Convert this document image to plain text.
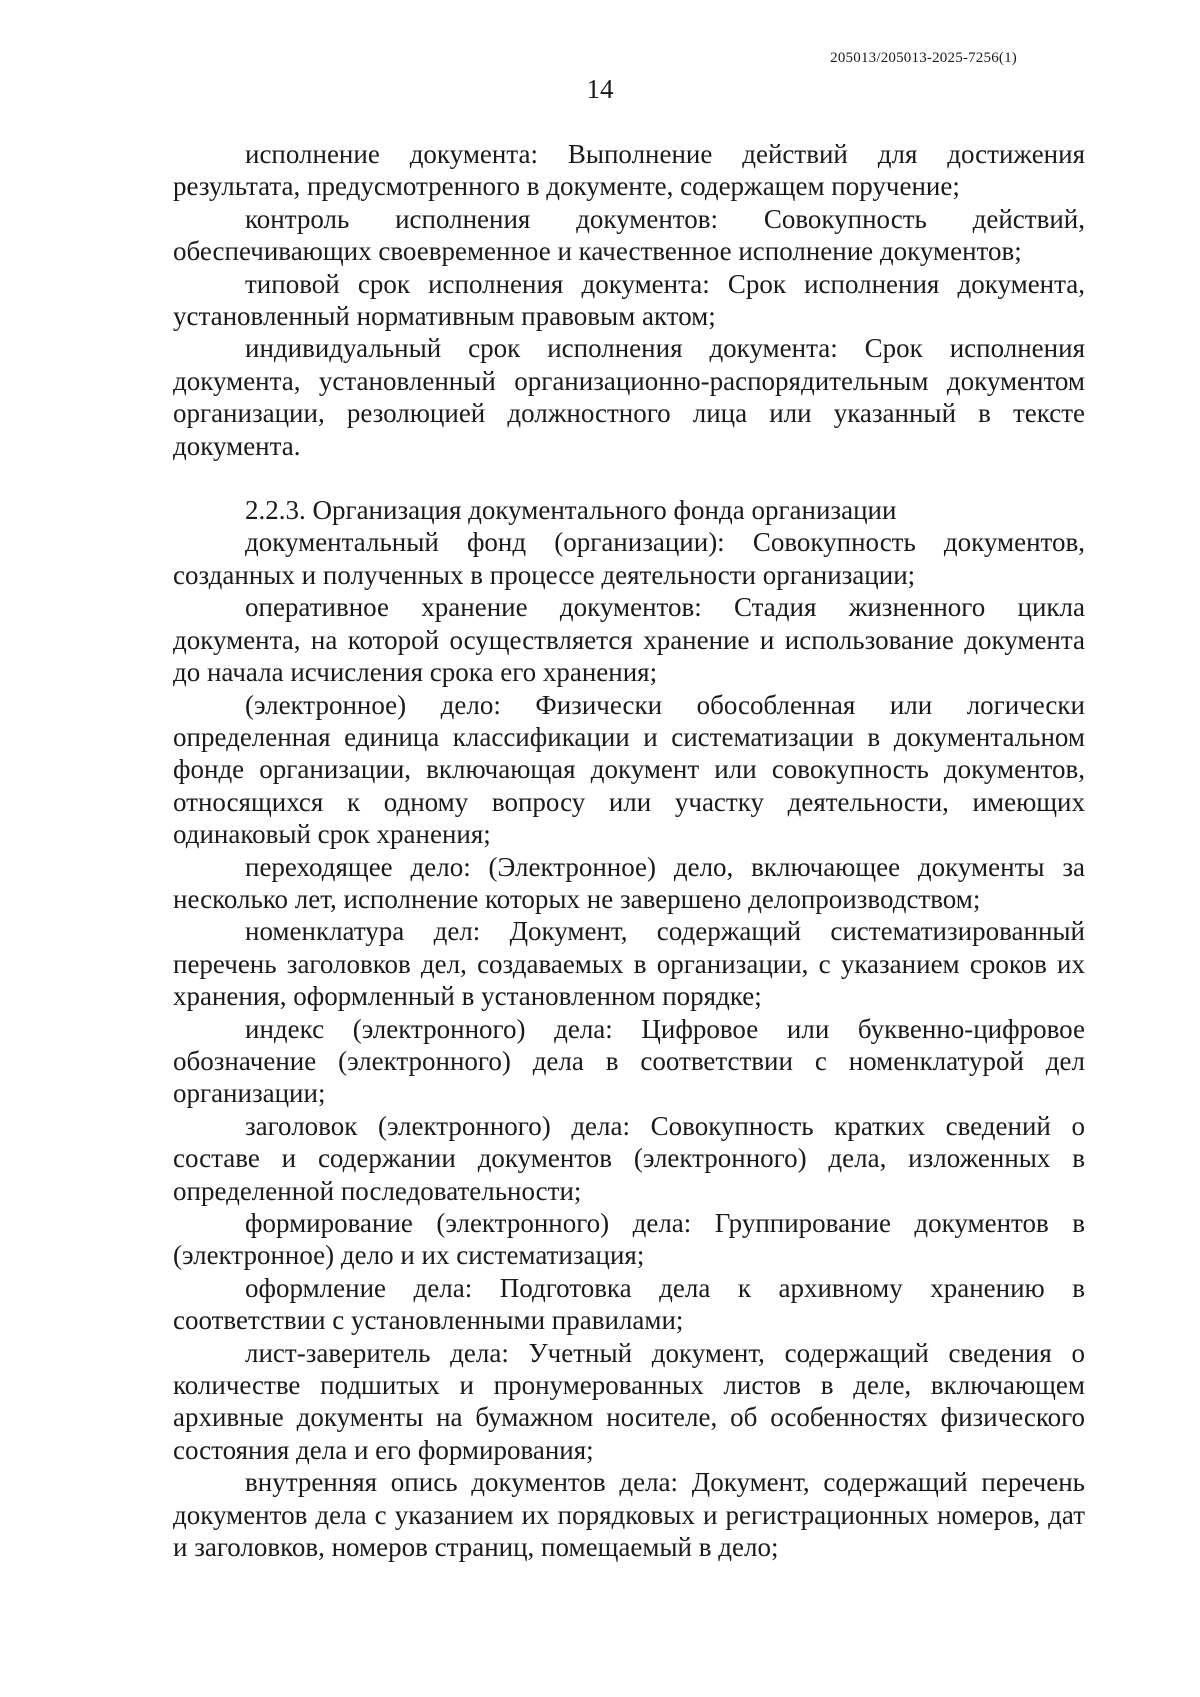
205013/205013-2025-7256(1)
14

исполнение документа: Выполнение действий для достижения результата, предусмотренного в документе, содержащем поручение;

контроль исполнения документов: Совокупность действий, обеспечивающих своевременное и качественное исполнение документов;

типовой срок исполнения документа: Срок исполнения документа, установленный нормативным правовым актом;

индивидуальный срок исполнения документа: Срок исполнения документа, установленный организационно-распорядительным документом организации, резолюцией должностного лица или указанный в тексте документа.

2.2.3. Организация документального фонда организации

документальный фонд (организации): Совокупность документов, созданных и полученных в процессе деятельности организации;

оперативное хранение документов: Стадия жизненного цикла документа, на которой осуществляется хранение и использование документа до начала исчисления срока его хранения;

(электронное) дело: Физически обособленная или логически определенная единица классификации и систематизации в документальном фонде организации, включающая документ или совокупность документов, относящихся к одному вопросу или участку деятельности, имеющих одинаковый срок хранения;

переходящее дело: (Электронное) дело, включающее документы за несколько лет, исполнение которых не завершено делопроизводством;

номенклатура дел: Документ, содержащий систематизированный перечень заголовков дел, создаваемых в организации, с указанием сроков их хранения, оформленный в установленном порядке;

индекс (электронного) дела: Цифровое или буквенно-цифровое обозначение (электронного) дела в соответствии с номенклатурой дел организации;

заголовок (электронного) дела: Совокупность кратких сведений о составе и содержании документов (электронного) дела, изложенных в определенной последовательности;

формирование (электронного) дела: Группирование документов в (электронное) дело и их систематизация;

оформление дела: Подготовка дела к архивному хранению в соответствии с установленными правилами;

лист-заверитель дела: Учетный документ, содержащий сведения о количестве подшитых и пронумерованных листов в деле, включающем архивные документы на бумажном носителе, об особенностях физического состояния дела и его формирования;

внутренняя опись документов дела: Документ, содержащий перечень документов дела с указанием их порядковых и регистрационных номеров, дат и заголовков, номеров страниц, помещаемый в дело;
